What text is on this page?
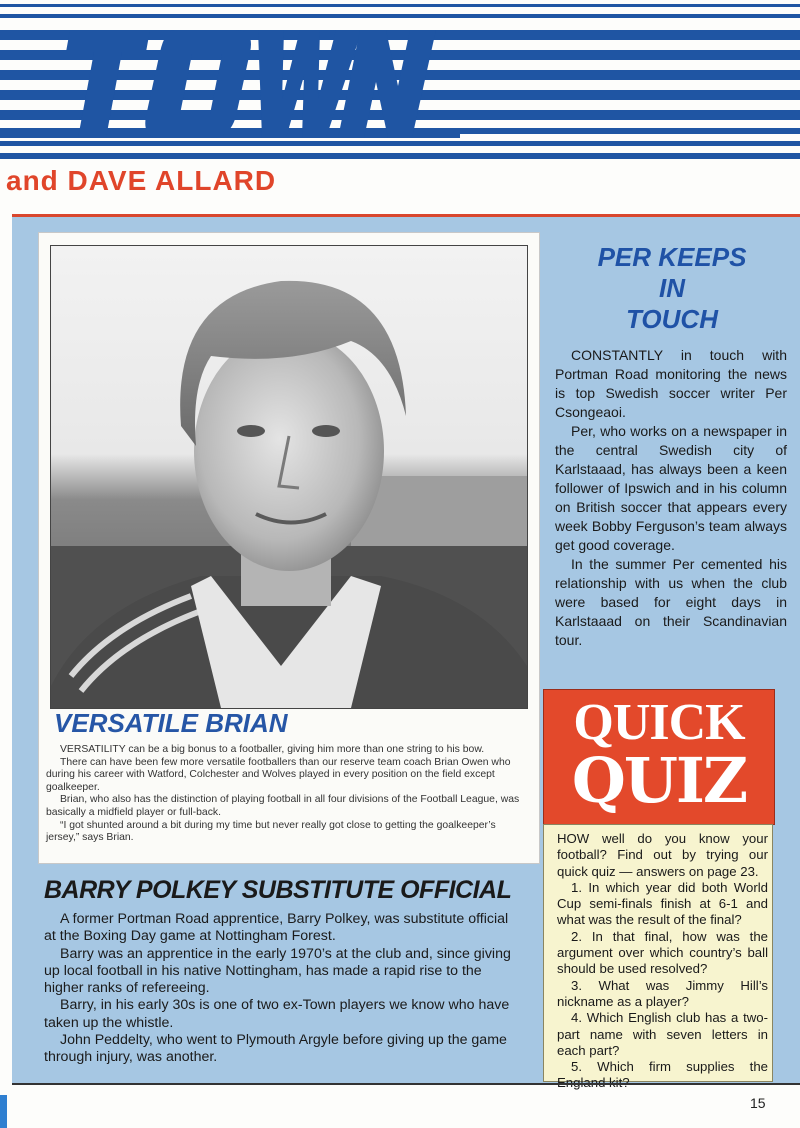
and DAVE ALLARD
VERSATILE BRIAN

VERSATILITY can be a big bonus to a footballer, giving him more than one string to his bow.

There can have been few more versatile footballers than our reserve team coach Brian Owen who during his career with Watford, Colchester and Wolves played in every position on the field except goalkeeper.

Brian, who also has the distinction of playing football in all four divisions of the Football League, was basically a midfield player or full-back.

“I got shunted around a bit during my time but never really got close to getting the goalkeeper’s jersey,” says Brian.

BARRY POLKEY SUBSTITUTE OFFICIAL

A former Portman Road apprentice, Barry Polkey, was substitute official at the Boxing Day game at Nottingham Forest.

Barry was an apprentice in the early 1970’s at the club and, since giving up local football in his native Nottingham, has made a rapid rise to the higher ranks of refereeing.

Barry, in his early 30s is one of two ex-Town players we know who have taken up the whistle.

John Peddelty, who went to Plymouth Argyle before giving up the game through injury, was another.

PER KEEPS
IN
TOUCH

CONSTANTLY in touch with Portman Road monitoring the news is top Swedish soccer writer Per Csongeaoi.

Per, who works on a newspaper in the central Swedish city of Karlstaaad, has always been a keen follower of Ipswich and in his column on British soccer that appears every week Bobby Ferguson’s team always get good coverage.

In the summer Per cemented his relationship with us when the club were based for eight days in Karlstaaad on their Scandinavian tour.

QUICK
QUIZ

HOW well do you know your football? Find out by trying our quick quiz — answers on page 23.

1. In which year did both World Cup semi-finals finish at 6-1 and what was the result of the final?

2. In that final, how was the argument over which country’s ball should be used resolved?

3. What was Jimmy Hill’s nickname as a player?

4. Which English club has a two-part name with seven letters in each part?

5. Which firm supplies the

15
